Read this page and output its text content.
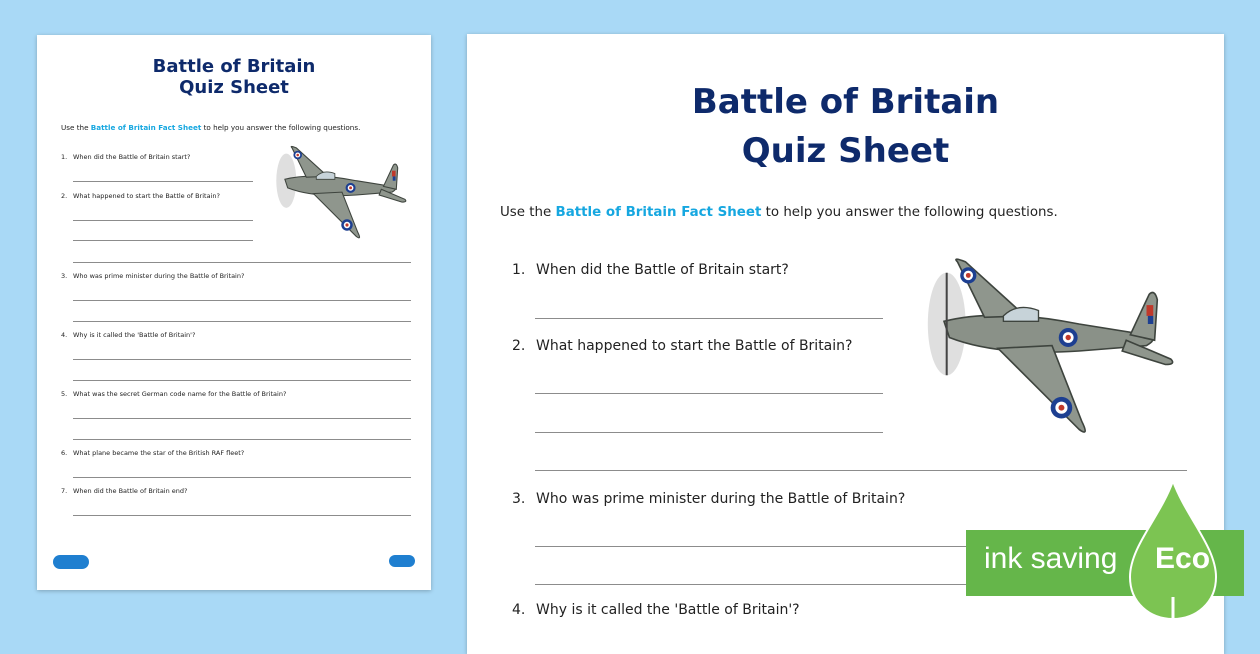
Battle of Britain
Quiz Sheet
Use the Battle of Britain Fact Sheet to help you answer the following questions.
1. When did the Battle of Britain start?
2. What happened to start the Battle of Britain?
3. Who was prime minister during the Battle of Britain?
4. Why is it called the 'Battle of Britain'?
5. What was the secret German code name for the Battle of Britain?
6. What plane became the star of the British RAF fleet?
7. When did the Battle of Britain end?
Battle of Britain
Quiz Sheet
Use the Battle of Britain Fact Sheet to help you answer the following questions.
1. When did the Battle of Britain start?
2. What happened to start the Battle of Britain?
3. Who was prime minister during the Battle of Britain?
4. Why is it called the 'Battle of Britain'?
ink saving Eco
